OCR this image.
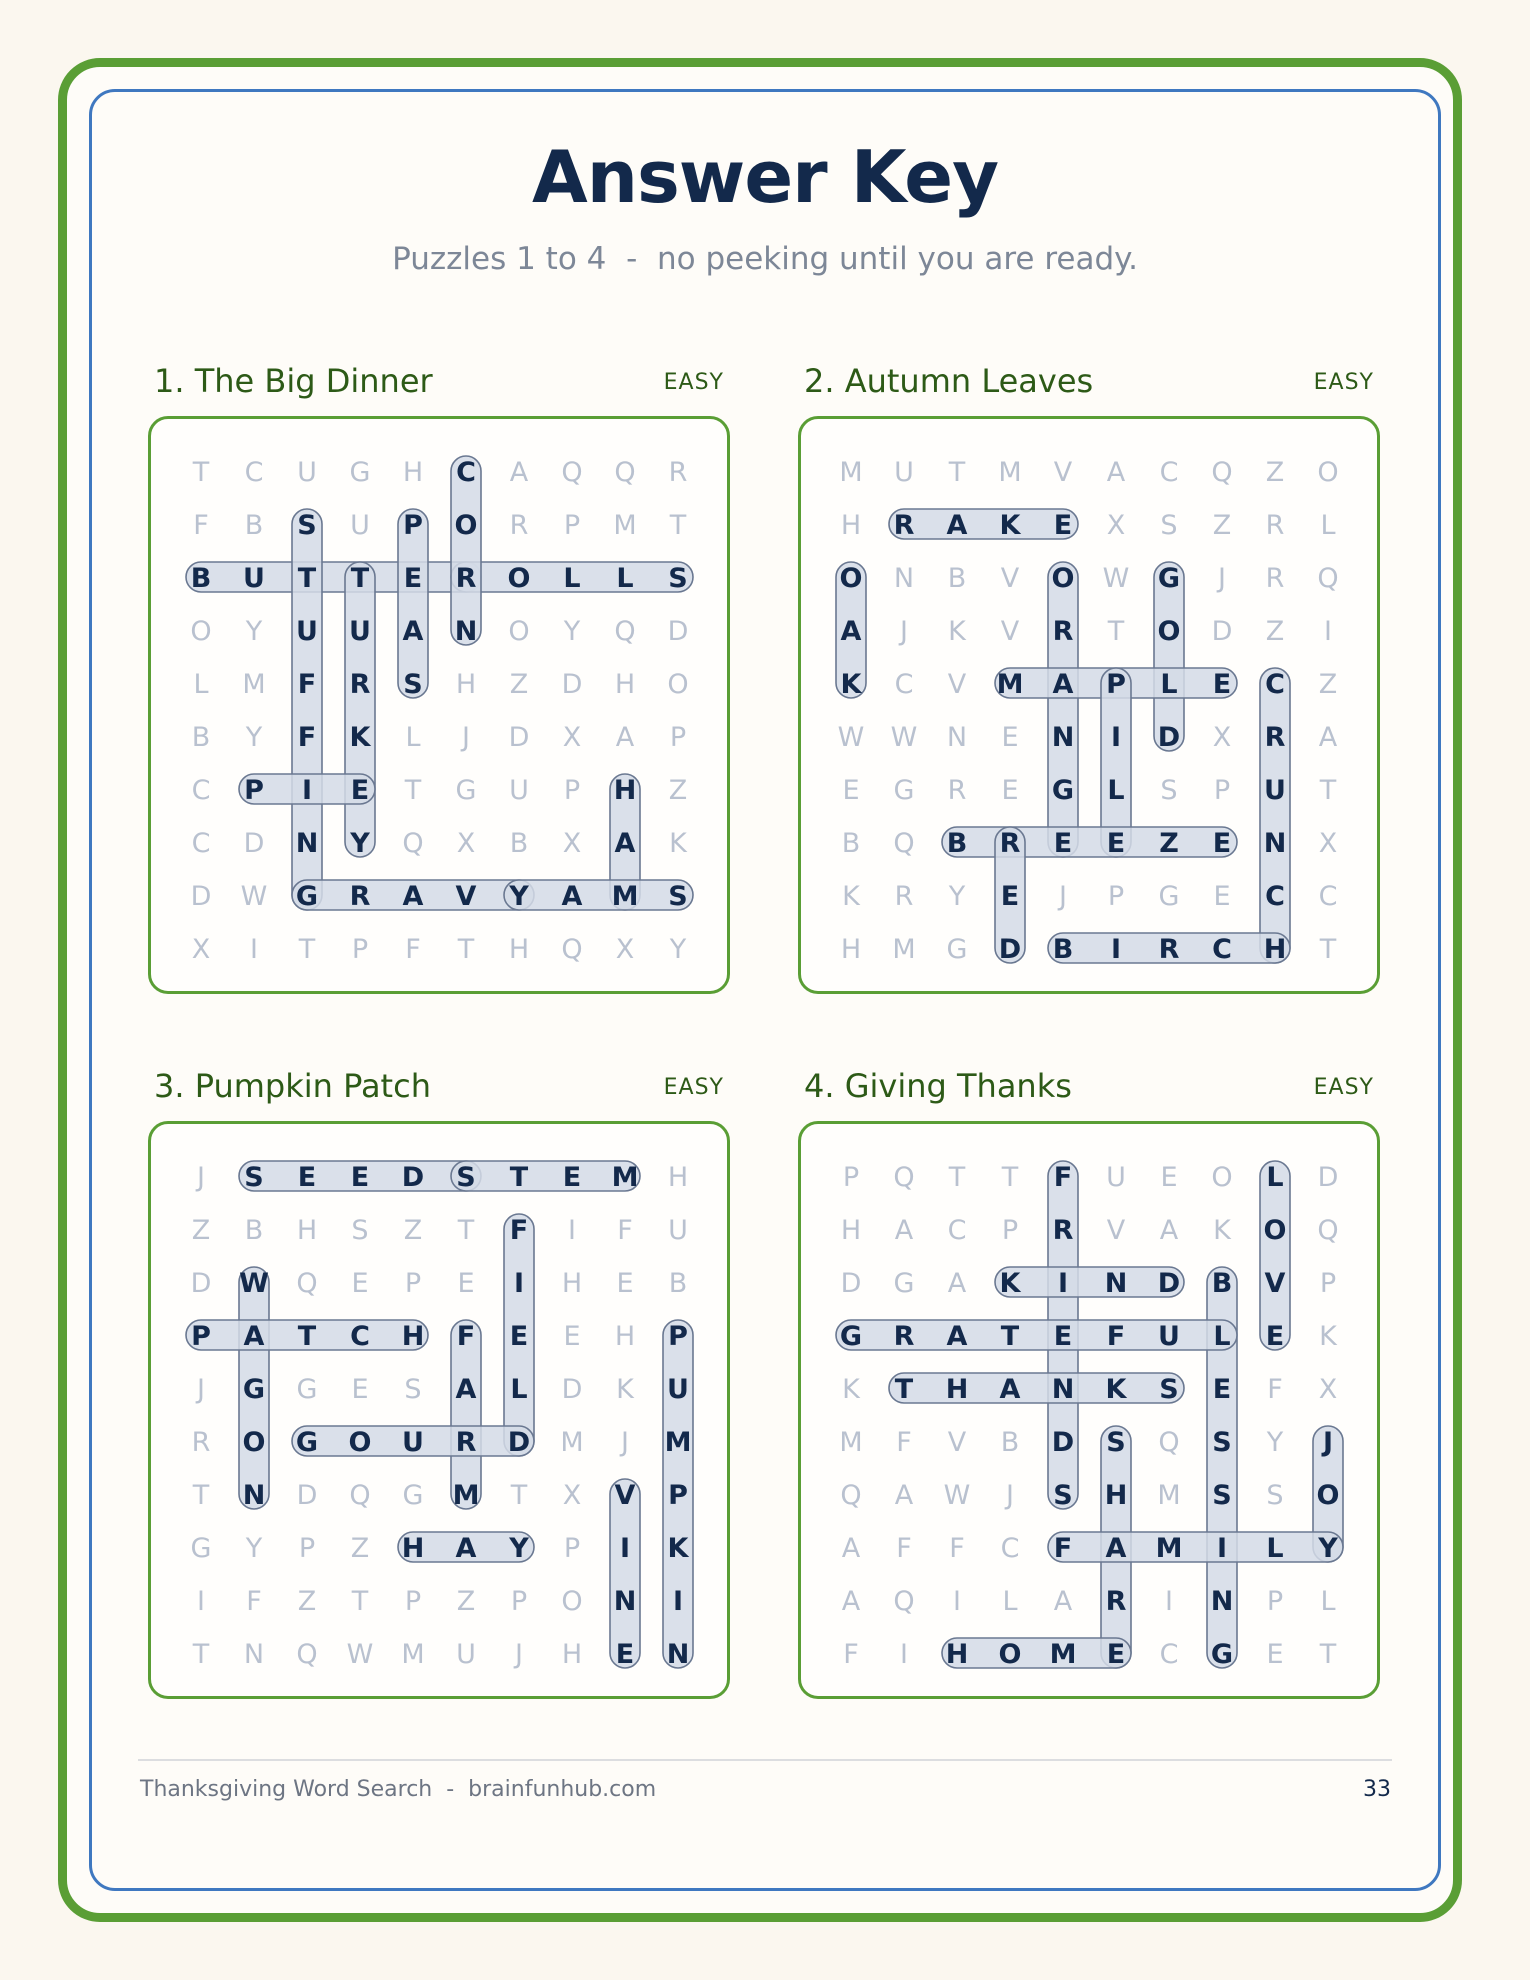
Answer Key
Puzzles 1 to 4  -  no peeking until you are ready.
1. The Big Dinner	EASY
T C U G H C A Q Q R
F B S U P O R P M T
B U T T E R O L L S
O Y U U A N O Y Q D
L M F R S H Z D H O
B Y F K L J D X A P
C P I E T G U P H Z
C D N Y Q X B X A K
D W G R A V Y A M S
X I T P F T H Q X Y
2. Autumn Leaves	EASY
M U T M V A C Q Z O
H R A K E X S Z R L
O N B V O W G J R Q
A J K V R T O D Z I
K C V M A P L E C Z
W W N E N I D X R A
E G R E G L S P U T
B Q B R E E Z E N X
K R Y E J P G E C C
H M G D B I R C H T
3. Pumpkin Patch	EASY
J S E E D S T E M H
Z B H S Z T F I F U
D W Q E P E I H E B
P A T C H F E E H P
J G G E S A L D K U
R O G O U R D M J M
T N D Q G M T X V P
G Y P Z H A Y P I K
I F Z T P Z P O N I
T N Q W M U J H E N
4. Giving Thanks	EASY
P Q T T F U E O L D
H A C P R V A K O Q
D G A K I N D B V P
G R A T E F U L E K
K T H A N K S E F X
M F V B D S Q S Y J
Q A W J S H M S S O
A F F C F A M I L Y
A Q I L A R I N P L
F I H O M E C G E T
Thanksgiving Word Search  -  brainfunhub.com	33
